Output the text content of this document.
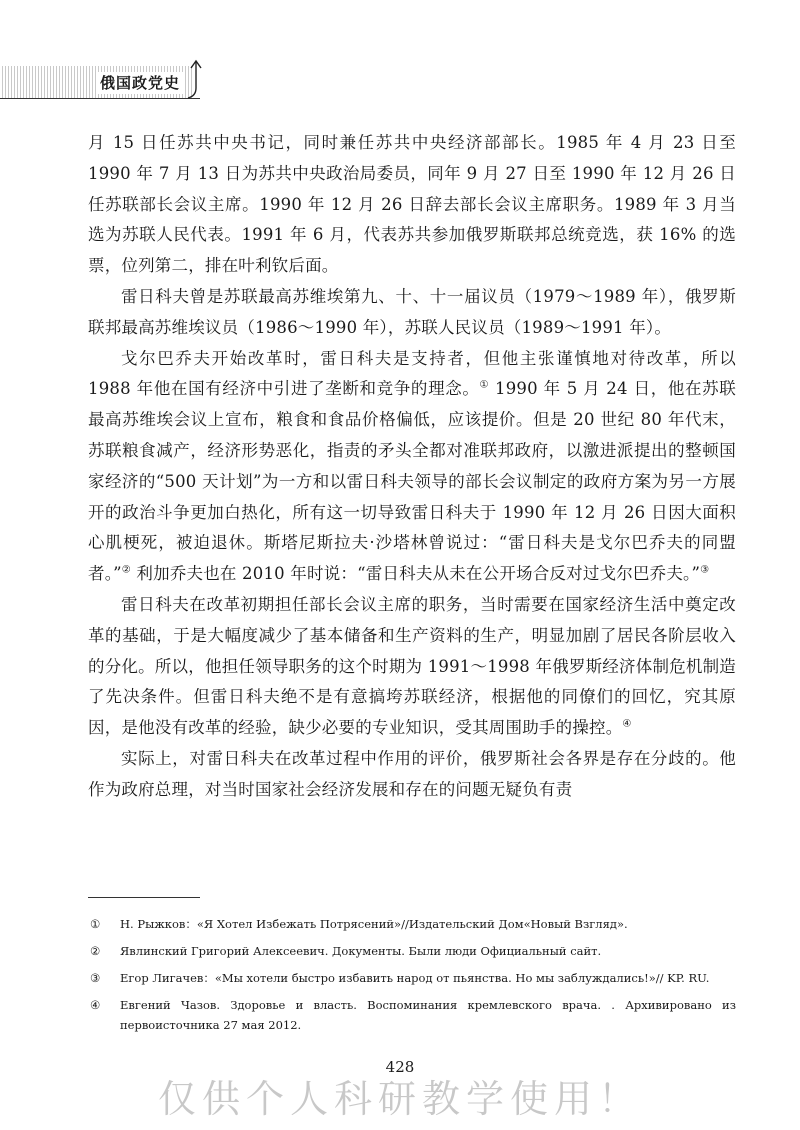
俄国政党史

月 15 日任苏共中央书记，同时兼任苏共中央经济部部长。1985 年 4 月 23 日至 1990 年 7 月 13 日为苏共中央政治局委员，同年 9 月 27 日至 1990 年 12 月 26 日任苏联部长会议主席。1990 年 12 月 26 日辞去部长会议主席职务。1989 年 3 月当选为苏联人民代表。1991 年 6 月，代表苏共参加俄罗斯联邦总统竞选，获 16% 的选票，位列第二，排在叶利钦后面。

雷日科夫曾是苏联最高苏维埃第九、十、十一届议员（1979～1989 年），俄罗斯联邦最高苏维埃议员（1986～1990 年），苏联人民议员（1989～1991 年）。

戈尔巴乔夫开始改革时，雷日科夫是支持者，但他主张谨慎地对待改革，所以 1988 年他在国有经济中引进了垄断和竞争的理念。① 1990 年 5 月 24 日，他在苏联最高苏维埃会议上宣布，粮食和食品价格偏低，应该提价。但是 20 世纪 80 年代末，苏联粮食减产，经济形势恶化，指责的矛头全都对准联邦政府，以激进派提出的整顿国家经济的“500 天计划”为一方和以雷日科夫领导的部长会议制定的政府方案为另一方展开的政治斗争更加白热化，所有这一切导致雷日科夫于 1990 年 12 月 26 日因大面积心肌梗死，被迫退休。斯塔尼斯拉夫·沙塔林曾说过：“雷日科夫是戈尔巴乔夫的同盟者。”② 利加乔夫也在 2010 年时说：“雷日科夫从未在公开场合反对过戈尔巴乔夫。”③

雷日科夫在改革初期担任部长会议主席的职务，当时需要在国家经济生活中奠定改革的基础，于是大幅度减少了基本储备和生产资料的生产，明显加剧了居民各阶层收入的分化。所以，他担任领导职务的这个时期为 1991～1998 年俄罗斯经济体制危机制造了先决条件。但雷日科夫绝不是有意搞垮苏联经济，根据他的同僚们的回忆，究其原因，是他没有改革的经验，缺少必要的专业知识，受其周围助手的操控。④

实际上，对雷日科夫在改革过程中作用的评价，俄罗斯社会各界是存在分歧的。他作为政府总理，对当时国家社会经济发展和存在的问题无疑负有责

① Н. Рыжков：«Я Хотел Избежать Потрясений»//Издательский Дом«Новый Взгляд».
② Явлинский Григорий Алексеевич. Документы. Были люди Официальный сайт.
③ Егор Лигачев：«Мы хотели быстро избавить народ от пьянства. Но мы заблуждались!»// KP. RU.
④ Евгений Чазов. Здоровье и власть. Воспоминания кремлевского врача. . Архивировано из первоисточника 27 мая 2012.
428
仅供个人科研教学使用！
